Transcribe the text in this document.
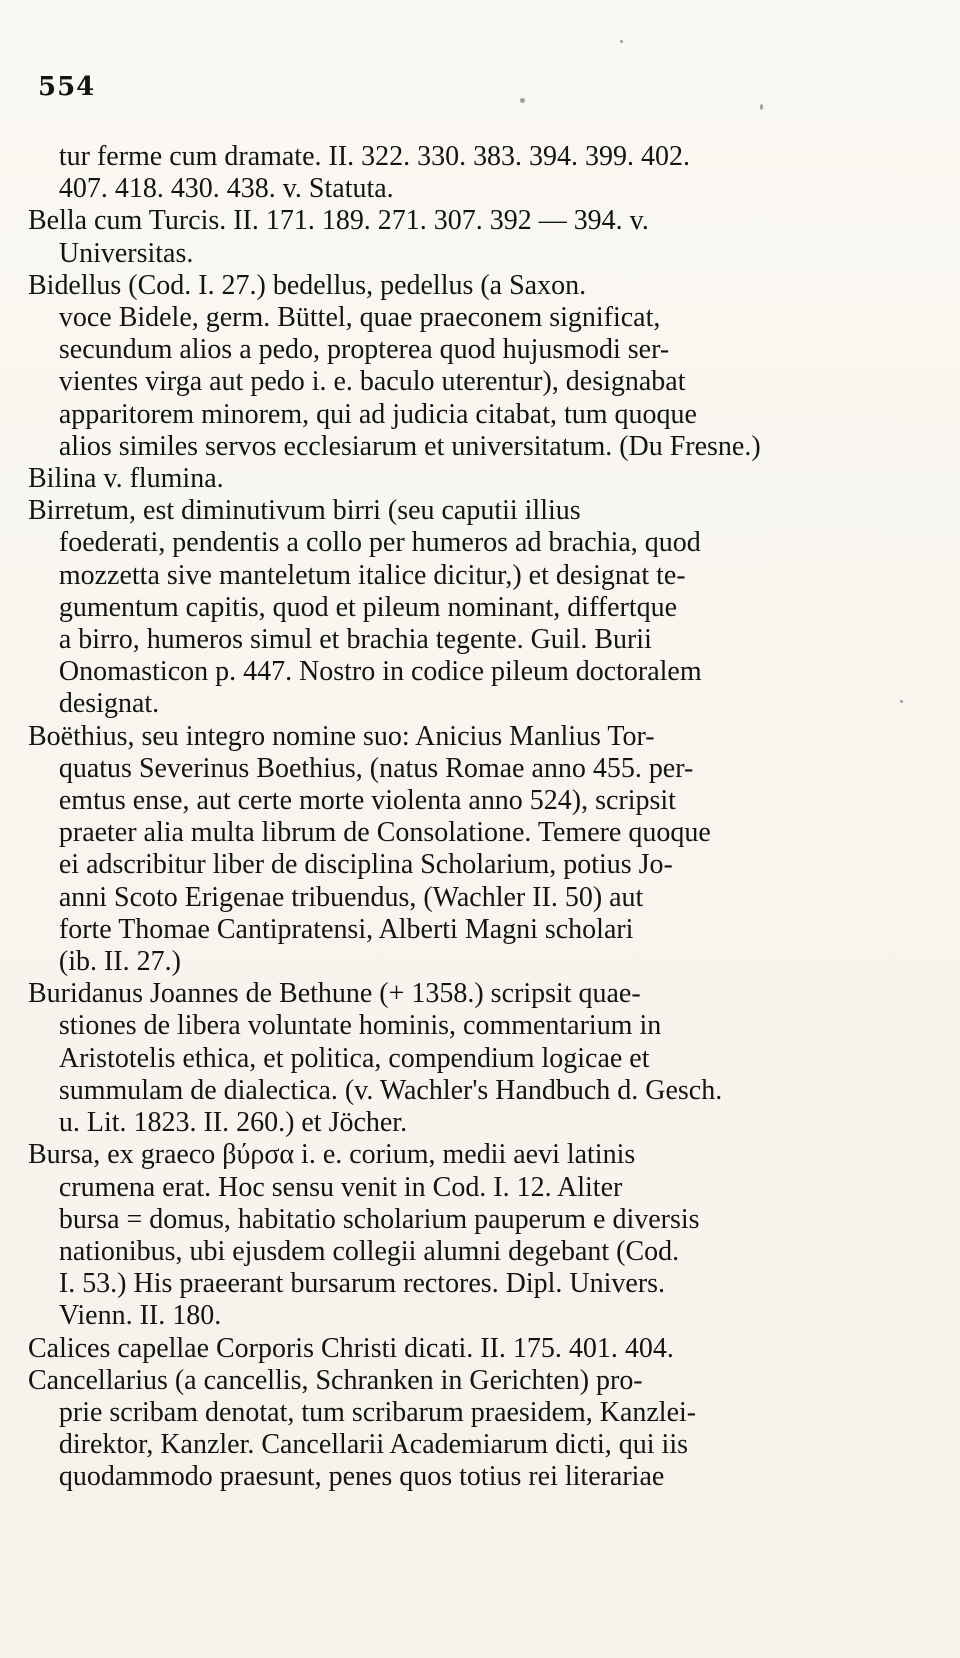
554
tur ferme cum dramate. II. 322. 330. 383. 394. 399. 402.
407. 418. 430. 438. v. Statuta.
Bella cum Turcis. II. 171. 189. 271. 307. 392 — 394. v.
Universitas.
Bidellus (Cod. I. 27.) bedellus, pedellus (a Saxon.
voce Bidele, germ. Büttel, quae praeconem significat,
secundum alios a pedo, propterea quod hujusmodi ser-
vientes virga aut pedo i. e. baculo uterentur), designabat
apparitorem minorem, qui ad judicia citabat, tum quoque
alios similes servos ecclesiarum et universitatum. (Du Fresne.)
Bilina v. flumina.
Birretum, est diminutivum birri (seu caputii illius
foederati, pendentis a collo per humeros ad brachia, quod
mozzetta sive manteletum italice dicitur,) et designat te-
gumentum capitis, quod et pileum nominant, differtque
a birro, humeros simul et brachia tegente. Guil. Burii
Onomasticon p. 447. Nostro in codice pileum doctoralem
designat.
Boëthius, seu integro nomine suo: Anicius Manlius Tor-
quatus Severinus Boethius, (natus Romae anno 455. per-
emtus ense, aut certe morte violenta anno 524), scripsit
praeter alia multa librum de Consolatione. Temere quoque
ei adscribitur liber de disciplina Scholarium, potius Jo-
anni Scoto Erigenae tribuendus, (Wachler II. 50) aut
forte Thomae Cantipratensi, Alberti Magni scholari
(ib. II. 27.)
Buridanus Joannes de Bethune (+ 1358.) scripsit quae-
stiones de libera voluntate hominis, commentarium in
Aristotelis ethica, et politica, compendium logicae et
summulam de dialectica. (v. Wachler's Handbuch d. Gesch.
u. Lit. 1823. II. 260.) et Jöcher.
Bursa, ex graeco βύρσα i. e. corium, medii aevi latinis
crumena erat. Hoc sensu venit in Cod. I. 12. Aliter
bursa = domus, habitatio scholarium pauperum e diversis
nationibus, ubi ejusdem collegii alumni degebant (Cod.
I. 53.) His praeerant bursarum rectores. Dipl. Univers.
Vienn. II. 180.
Calices capellae Corporis Christi dicati. II. 175. 401. 404.
Cancellarius (a cancellis, Schranken in Gerichten) pro-
prie scribam denotat, tum scribarum praesidem, Kanzlei-
direktor, Kanzler. Cancellarii Academiarum dicti, qui iis
quodammodo praesunt, penes quos totius rei literariae
